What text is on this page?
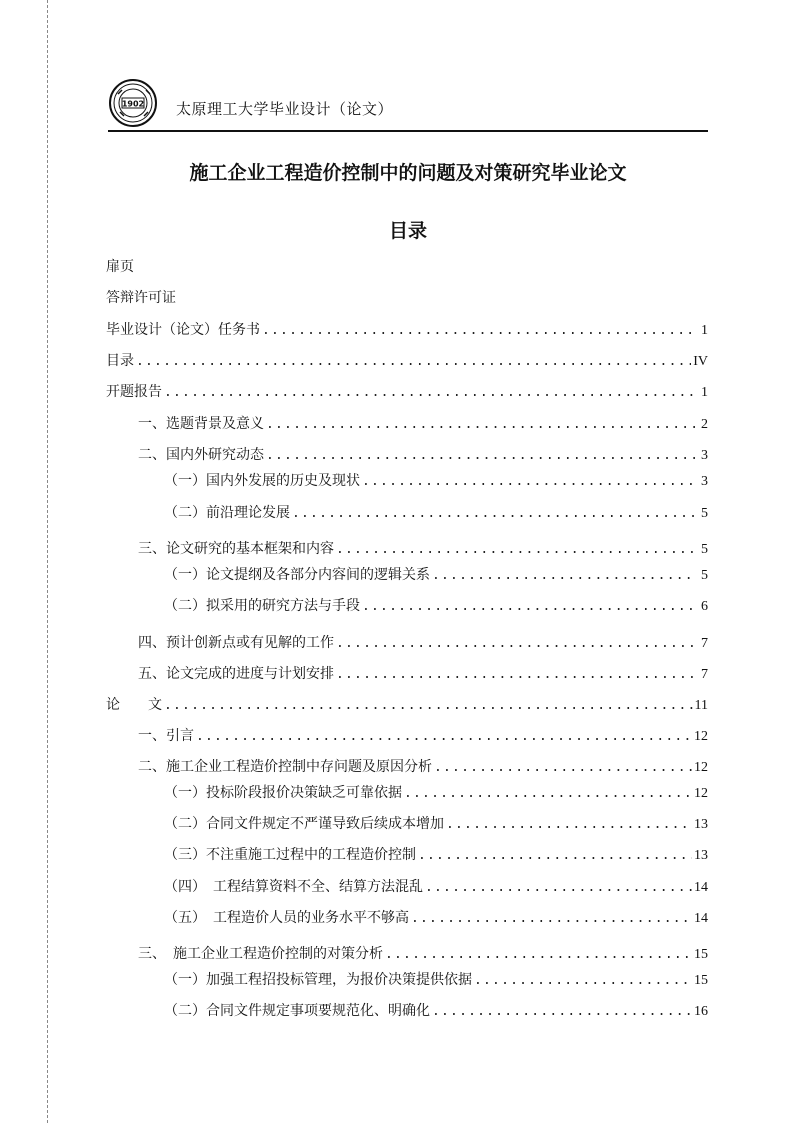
1902 太原理工大学毕业设计（论文）
施工企业工程造价控制中的问题及对策研究毕业论文
目录
扉页
答辩许可证
毕业设计（论文）任务书 .....	1
目录 .....	IV
开题报告 .....	1
一、选题背景及意义 .....	2
二、国内外研究动态 .....	3
（一）国内外发展的历史及现状 .....	3
（二）前沿理论发展 .....	5
三、论文研究的基本框架和内容 .....	5
（一）论文提纲及各部分内容间的逻辑关系 .....	5
（二）拟采用的研究方法与手段 .....	6
四、预计创新点或有见解的工作 .....	7
五、论文完成的进度与计划安排 .....	7
论　　文 .....	11
一、引言 .....	12
二、施工企业工程造价控制中存问题及原因分析 .....	12
（一）投标阶段报价决策缺乏可靠依据 .....	12
（二）合同文件规定不严谨导致后续成本增加 .....	13
（三）不注重施工过程中的工程造价控制 .....	13
（四）　工程结算资料不全、结算方法混乱 .....	14
（五）　工程造价人员的业务水平不够高 .....	14
三、　施工企业工程造价控制的对策分析 .....	15
（一）加强工程招投标管理，为报价决策提供依据 .....	15
（二）合同文件规定事项要规范化、明确化 .....	16
